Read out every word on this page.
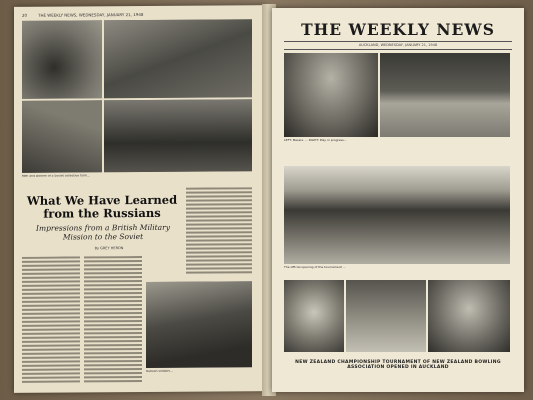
20	THE WEEKLY NEWS, WEDNESDAY, JANUARY 21, 1948
Men and women of a Soviet collective farm...
What We Have Learned from the Russians
Impressions from a British Military Mission to the Soviet
By GREY HERON
Russian soldiers...
THE WEEKLY NEWS
AUCKLAND, WEDNESDAY, JANUARY 21, 1948
LEFT: Messrs. ... RIGHT: Play in progress...
The official opening of the tournament ...
NEW ZEALAND CHAMPIONSHIP TOURNAMENT OF NEW ZEALAND BOWLING ASSOCIATION OPENED IN AUCKLAND
